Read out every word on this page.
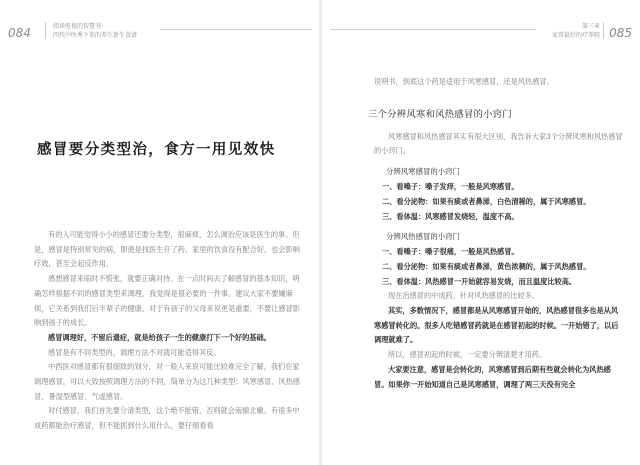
084	阅读电视的智慧书
四代中医秀下来的养生新生食谱
感冒要分类型治，食方一用见效快

有的人可能觉得小小的感冒还要分类型，很麻烦，怎么调治应该是医生的事。但是，感冒是特别常见的病，即使是找医生开了药，家里的饮食没有配合好，也会影响疗效，甚至会起反作用。

感想感冒来临时不慌张，就要正确对待。在一点时间去了解感冒的基本知识，明确怎样根据不同的感冒类型来调理，我觉得是很必要的一件事。建议大家不要嫌麻烦，它关系到我们后半辈子的健康。对于有孩子的父母来说更是重要，不要让感冒影响到孩子的成长。

感冒调理好，不留后遗症，就是给孩子一生的健康打下一个好的基础。

感冒是有不同类型的，调理方法不对就可能适得其反。

中西医对感冒都有很细致的划分，对一般人来说可能比较难完全了解，我们在家调理感冒，可以大致按照调理方法的不同，简单分为这几种类型：风寒感冒、风热感冒、暑湿型感冒、气虚感冒。

对付感冒，我们首先要分清类型，这个绝不能错，否则就会南辕北辙。有很多中成药都能治疗感冒，但不能抓到什么用什么，要仔细看看

第三章
家常最好的疗养院 085

说明书，到底这个药是适用于风寒感冒，还是风热感冒。

三个分辨风寒和风热感冒的小窍门

风寒感冒和风热感冒其实有很大区别，我告诉大家3个分辨风寒和风热感冒的小窍门。

分辨风寒感冒的小窍门

一、看嗓子：嗓子发痒，一般是风寒感冒。

二、看分泌物：如果有痰或者鼻涕，白色清稀的，属于风寒感冒。

三、看体温：风寒感冒发烧轻，温度不高。

分辨风热感冒的小窍门

一、看嗓子：嗓子很痛，一般是风热感冒。

二、看分泌物：如果有痰或者鼻涕，黄色浓稠的，属于风热感冒。

三、看体温：风热感冒一开始就容易发烧，而且温度比较高。

现在治感冒的中成药，针对风热感冒的比较多。

其实，多数情况下，感冒都是从风寒感冒开始的，风热感冒很多也是从风寒感冒转化的。很多人吃错感冒药就是在感冒初起的时候。一开始错了，以后调理就难了。

所以，感冒初起的时候，一定要分辨清楚才用药。

大家要注意，感冒是会转化的，风寒感冒到后期有些就会转化为风热感冒。如果你一开始知道自己是风寒感冒，调理了两三天没有完全
